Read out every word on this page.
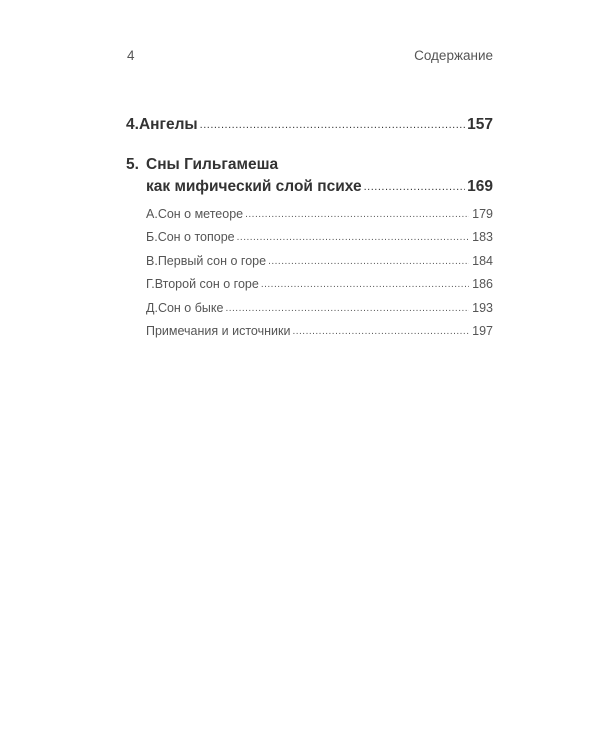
4	Содержание
4. Ангелы .....	157
5. Сны Гильгамеша
как мифический слой психе .....	169
А. Сон о метеоре .....	179
Б. Сон о топоре .....	183
В. Первый сон о горе .....	184
Г. Второй сон о горе .....	186
Д. Сон о быке .....	193
Примечания и источники .....	197
